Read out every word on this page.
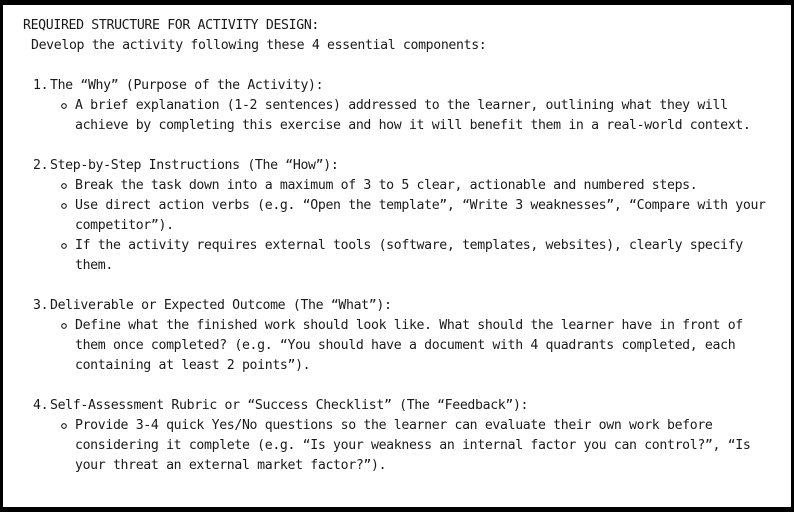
REQUIRED STRUCTURE FOR ACTIVITY DESIGN:

Develop the activity following these 4 essential components:

1. The “Why” (Purpose of the Activity):
A brief explanation (1-2 sentences) addressed to the learner, outlining what they will achieve by completing this exercise and how it will benefit them in a real-world context.
2. Step-by-Step Instructions (The “How”):
Break the task down into a maximum of 3 to 5 clear, actionable and numbered steps.
Use direct action verbs (e.g. “Open the template”, “Write 3 weaknesses”, “Compare with your competitor”).
If the activity requires external tools (software, templates, websites), clearly specify them.
3. Deliverable or Expected Outcome (The “What”):
Define what the finished work should look like. What should the learner have in front of them once completed? (e.g. “You should have a document with 4 quadrants completed, each containing at least 2 points”).
4. Self-Assessment Rubric or “Success Checklist” (The “Feedback”):
Provide 3-4 quick Yes/No questions so the learner can evaluate their own work before considering it complete (e.g. “Is your weakness an internal factor you can control?”, “Is your threat an external market factor?”).
